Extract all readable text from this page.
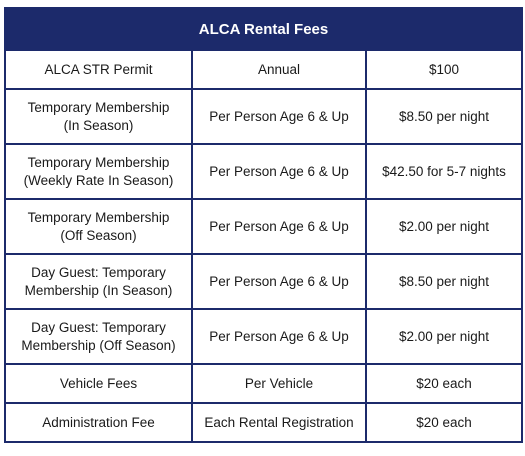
ALCA Rental Fees		
ALCA STR Permit	Annual	$100
Temporary Membership
(In Season)	Per Person Age 6 & Up	$8.50 per night
Temporary Membership
(Weekly Rate In Season)	Per Person Age 6 & Up	$42.50 for 5-7 nights
Temporary Membership
(Off Season)	Per Person Age 6 & Up	$2.00 per night
Day Guest: Temporary
Membership (In Season)	Per Person Age 6 & Up	$8.50 per night
Day Guest: Temporary
Membership (Off Season)	Per Person Age 6 & Up	$2.00 per night
Vehicle Fees	Per Vehicle	$20 each
Administration Fee	Each Rental Registration	$20 each
